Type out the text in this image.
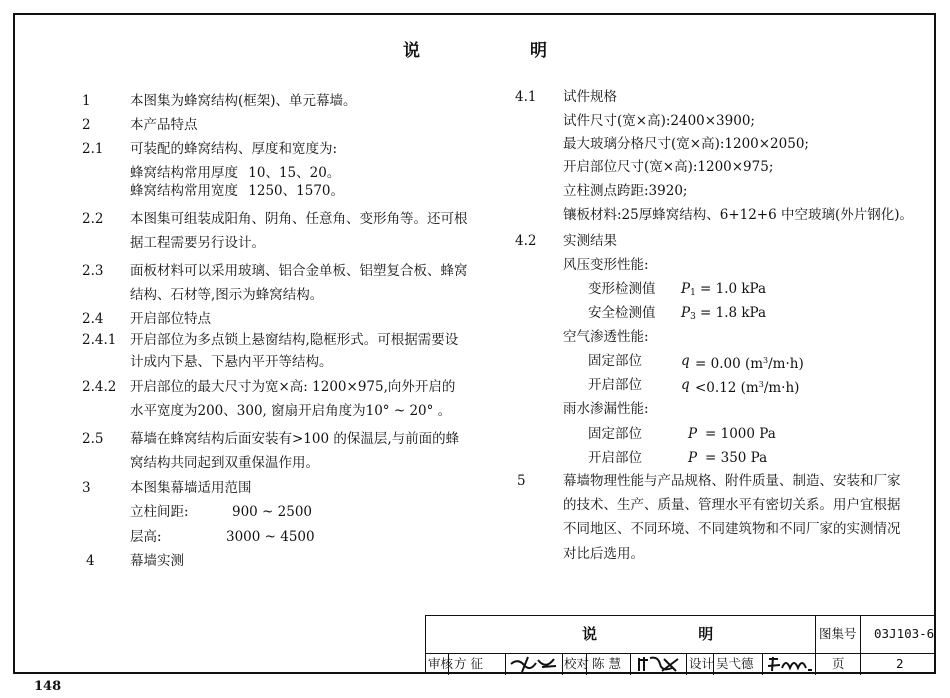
说 明
1	本图集为蜂窝结构(框架)、单元幕墙。
2	本产品特点
2.1 可装配的蜂窝结构、厚度和宽度为:
蜂窝结构常用厚度 10、15、20。
蜂窝结构常用宽度 1250、1570。
2.2 本图集可组装成阳角、阴角、任意角、变形角等。还可根
据工程需要另行设计。
2.3 面板材料可以采用玻璃、铝合金单板、铝塑复合板、蜂窝
结构、石材等,图示为蜂窝结构。
2.4 开启部位特点
2.4.1 开启部位为多点锁上悬窗结构,隐框形式。可根据需要设
计成内下悬、下悬内平开等结构。
2.4.2 开启部位的最大尺寸为宽×高: 1200×975,向外开启的
水平宽度为200、300, 窗扇开启角度为10° ~ 20° 。
2.5 幕墙在蜂窝结构后面安装有>100 的保温层,与前面的蜂
窝结构共同起到双重保温作用。
3	本图集幕墙适用范围
立柱间距:	900 ~ 2500
层高:	3000 ~ 4500
4	幕墙实测
4.1 试件规格
试件尺寸(宽×高):2400×3900;
最大玻璃分格尺寸(宽×高):1200×2050;
开启部位尺寸(宽×高):1200×975;
立柱测点跨距:3920;
镶板材料:25厚蜂窝结构、6+12+6 中空玻璃(外片钢化)。
4.2 实测结果
风压变形性能:
变形检测值 $P_1 = 1.0$ kPa
安全检测值 $P_3 = 1.8$ kPa
空气渗透性能:
固定部位	q = 0.00 $(m^3/m\cdot h)$
开启部位	q <0.12 $(m^3/m\cdot h)$
雨水渗漏性能:
固定部位	P = 1000 Pa
开启部位	P = 350 Pa
5	幕墙物理性能与产品规格、附件质量、制造、安装和厂家
的技术、生产、质量、管理水平有密切关系。用户宜根据
不同地区、不同环境、不同建筑物和不同厂家的实测情况
对比后选用。
说 明	图集号 03J103-6
审核 方 征	校对 陈 慧	设计 吴弋德	页	2
148
